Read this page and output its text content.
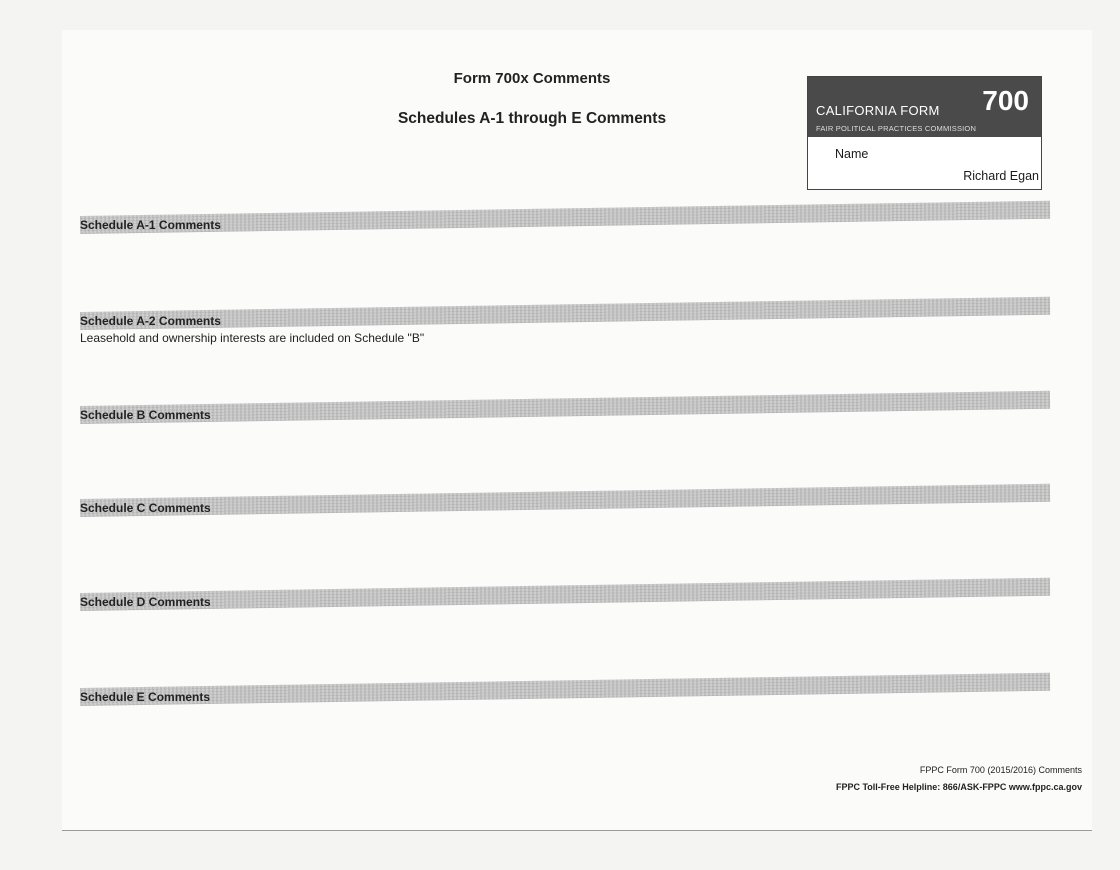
Form 700x Comments
Schedules A-1 through E Comments	CALIFORNIA FORM 700
FAIR POLITICAL PRACTICES COMMISSION
Name
Richard Egan
Schedule A-1 Comments
Schedule A-2 Comments
Leasehold and ownership interests are included on Schedule "B"
Schedule B Comments
Schedule C Comments
Schedule D Comments
Schedule E Comments
FPPC Form 700 (2015/2016) Comments
FPPC Toll-Free Helpline: 866/ASK-FPPC www.fppc.ca.gov
